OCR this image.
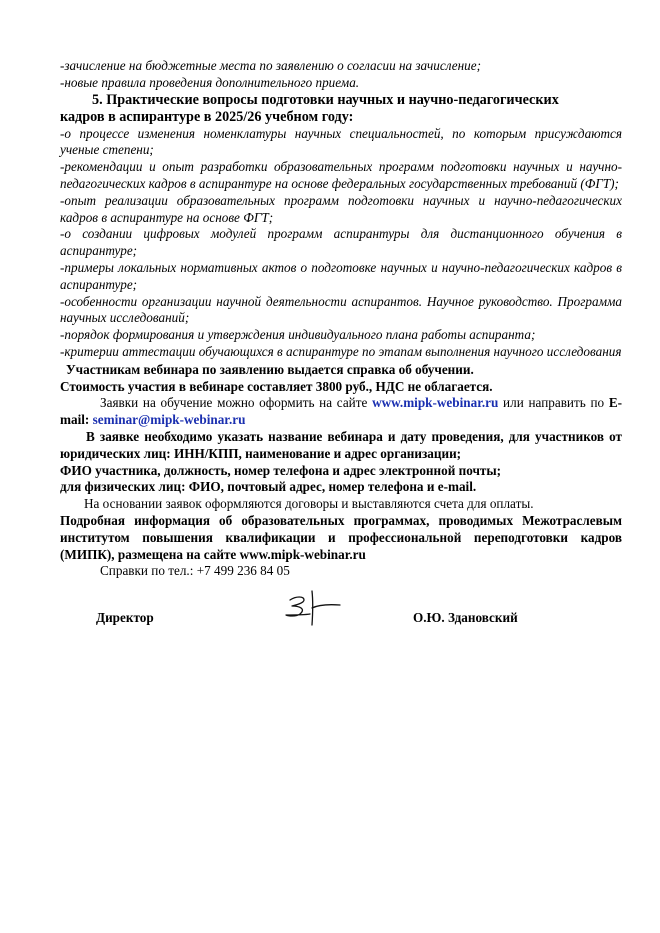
-зачисление на бюджетные места по заявлению о согласии на зачисление;

-новые правила проведения дополнительного приема.

5. Практические вопросы подготовки научных и научно-педагогических
кадров в аспирантуре в 2025/26 учебном году:

-о процессе изменения номенклатуры научных специальностей, по которым присуждаются ученые степени;

-рекомендации и опыт разработки образовательных программ подготовки научных и научно-педагогических кадров в аспирантуре на основе федеральных государственных требований (ФГТ);

-опыт реализации образовательных программ подготовки научных и научно-педагогических кадров в аспирантуре на основе ФГТ;

-о создании цифровых модулей программ аспирантуры для дистанционного обучения в аспирантуре;

-примеры локальных нормативных актов о подготовке научных и научно-педагогических кадров в аспирантуре;

-особенности организации научной деятельности аспирантов. Научное руководство. Программа научных исследований;

-порядок формирования и утверждения индивидуального плана работы аспиранта;

-критерии аттестации обучающихся в аспирантуре по этапам выполнения научного исследования

Участникам вебинара по заявлению выдается справка об обучении.

Стоимость участия в вебинаре составляет 3800 руб., НДС не облагается.

Заявки на обучение можно оформить на сайте www.mipk-webinar.ru или направить по E-mail: seminar@mipk-webinar.ru

В заявке необходимо указать название вебинара и дату проведения, для участников от юридических лиц: ИНН/КПП, наименование и адрес организации;

ФИО участника, должность, номер телефона и адрес электронной почты;

для физических лиц: ФИО, почтовый адрес, номер телефона и e-mail.

На основании заявок оформляются договоры и выставляются счета для оплаты.

Подробная информация об образовательных программах, проводимых Межотраслевым институтом повышения квалификации и профессиональной переподготовки кадров (МИПК), размещена на сайте www.mipk-webinar.ru

Справки по тел.: +7 499 236 84 05

Директор	О.Ю. Здановский
